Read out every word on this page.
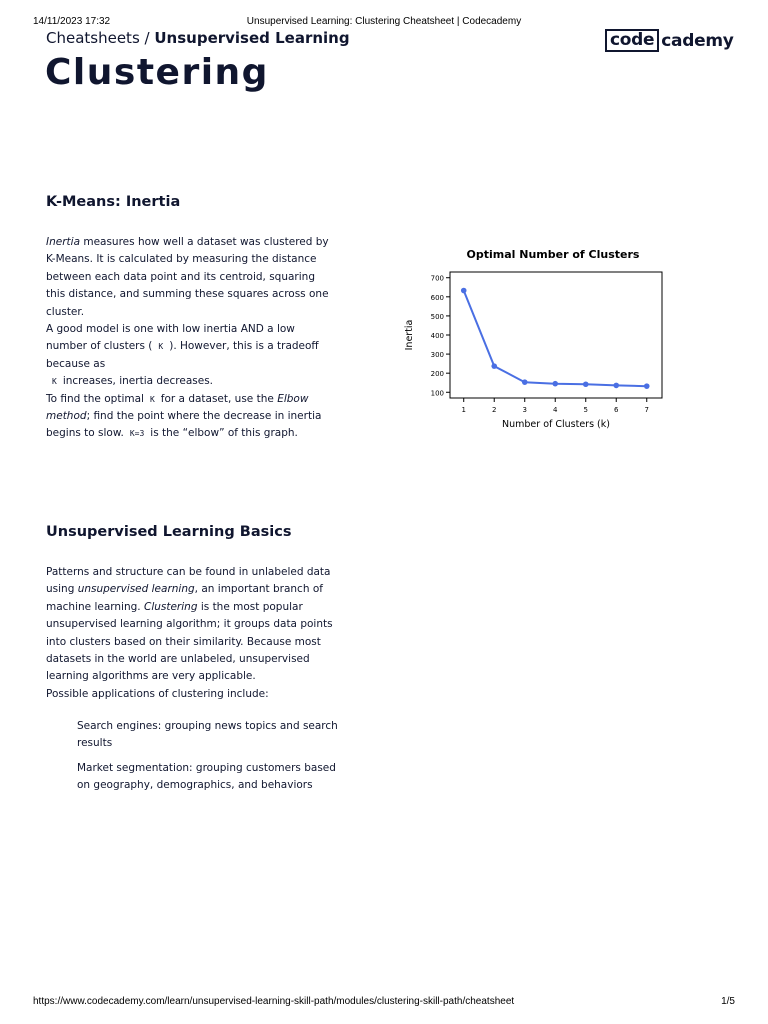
14/11/2023 17:32	Unsupervised Learning: Clustering Cheatsheet | Codecademy
Cheatsheets / Unsupervised Learning	code cademy
Clustering
K-Means: Inertia

Inertia measures how well a dataset was clustered by K-Means. It is calculated by measuring the distance between each data point and its centroid, squaring this distance, and summing these squares across one cluster.

A good model is one with low inertia AND a low number of clusters ( K ). However, this is a tradeoff because as
K increases, inertia decreases.

To find the optimal K for a dataset, use the Elbow method; find the point where the decrease in inertia begins to slow. K=3 is the “elbow” of this graph.

Optimal Number of Clusters
100
200
300
400
500
600
700
1	2	3	4	5	6	7
Number of Clusters (k)
Inertia
Unsupervised Learning Basics

Patterns and structure can be found in unlabeled data using unsupervised learning, an important branch of machine learning. Clustering is the most popular unsupervised learning algorithm; it groups data points into clusters based on their similarity. Because most datasets in the world are unlabeled, unsupervised learning algorithms are very applicable.

Possible applications of clustering include:

Search engines: grouping news topics and search results
Market segmentation: grouping customers based on geography, demographics, and behaviors
https://www.codecademy.com/learn/unsupervised-learning-skill-path/modules/clustering-skill-path/cheatsheet	1/5
